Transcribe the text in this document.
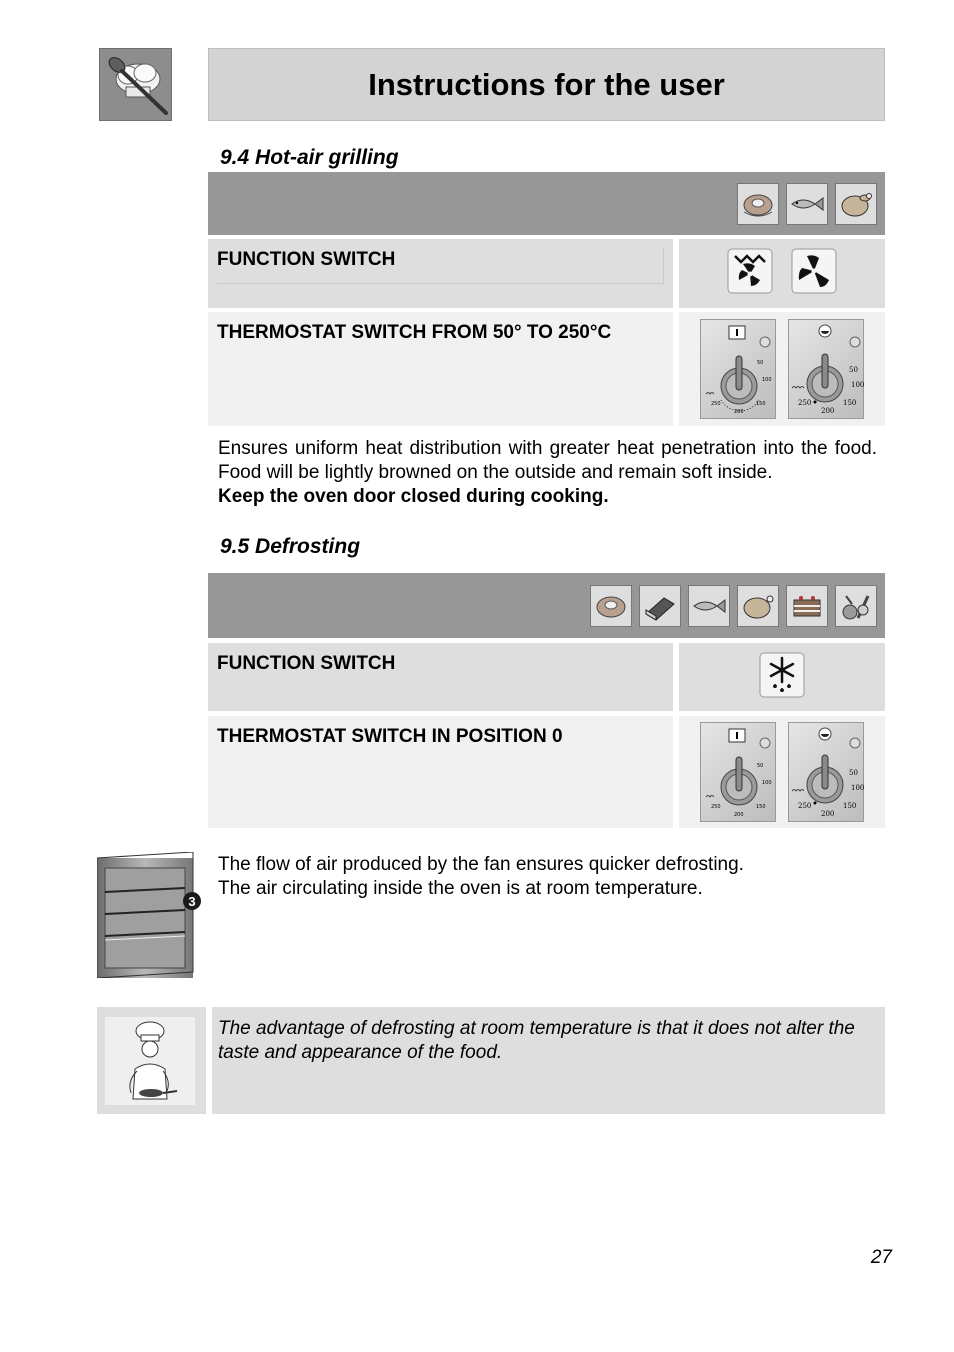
Instructions for the user
9.4 Hot-air grilling
FUNCTION SWITCH
THERMOSTAT SWITCH FROM 50° TO 250°C
50
100
150
200
250
50
100
150
200
250
Ensures uniform heat distribution with greater heat penetration into the food. Food will be lightly browned on the outside and remain soft inside.
Keep the oven door closed during cooking.
9.5 Defrosting
FUNCTION SWITCH
THERMOSTAT SWITCH IN POSITION 0
50
100
150
200
250
50
100
150
200
250
3
The flow of air produced by the fan ensures quicker defrosting.
The air circulating inside the oven is at room temperature.
The advantage of defrosting at room temperature is that it does not alter the taste and appearance of the food.
27
